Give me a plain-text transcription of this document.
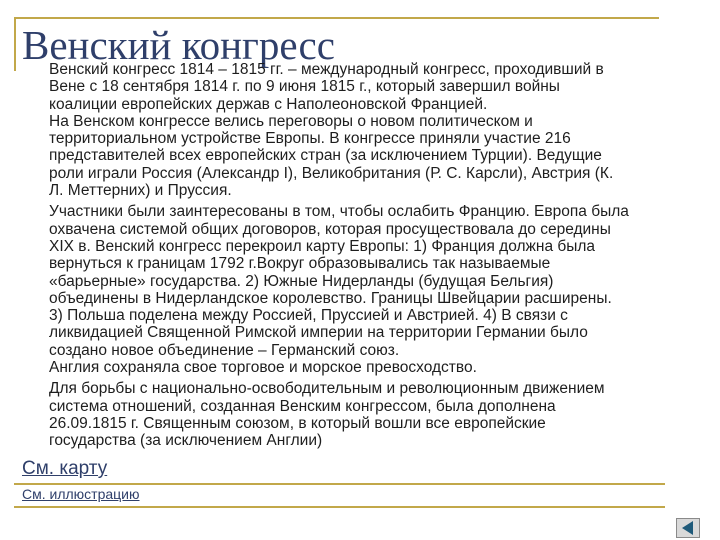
Венский конгресс
Венский конгресс 1814 – 1815 гг. – международный конгресс, проходивший в
Вене с 18 сентября 1814 г. по 9 июня 1815 г., который завершил войны
коалиции европейских держав с Наполеоновской Францией.
На Венском конгрессе велись переговоры о новом политическом и
территориальном устройстве Европы. В конгрессе приняли участие 216
представителей всех европейских стран (за исключением Турции). Ведущие
роли играли Россия (Александр I), Великобритания (Р. С. Карсли), Австрия (К.
Л. Меттерних) и Пруссия.
Участники были заинтересованы в том, чтобы ослабить Францию. Европа была
охвачена системой общих договоров, которая просуществовала до середины
XIX в. Венский конгресс перекроил карту Европы: 1) Франция должна была
вернуться к границам 1792 г.Вокруг образовывались так называемые
«барьерные» государства. 2) Южные Нидерланды (будущая Бельгия)
объединены в Нидерландское королевство. Границы Швейцарии расширены.
3) Польша поделена между Россией, Пруссией и Австрией. 4) В связи с
ликвидацией Священной Римской империи на территории Германии было
создано новое объединение – Германский союз.
Англия сохраняла свое торговое и морское превосходство.
Для борьбы с национально-освободительным и революционным движением
система отношений, созданная Венским конгрессом, была дополнена
26.09.1815 г. Священным союзом, в который вошли все европейские
государства (за исключением Англии)
См. карту
См. иллюстрацию
